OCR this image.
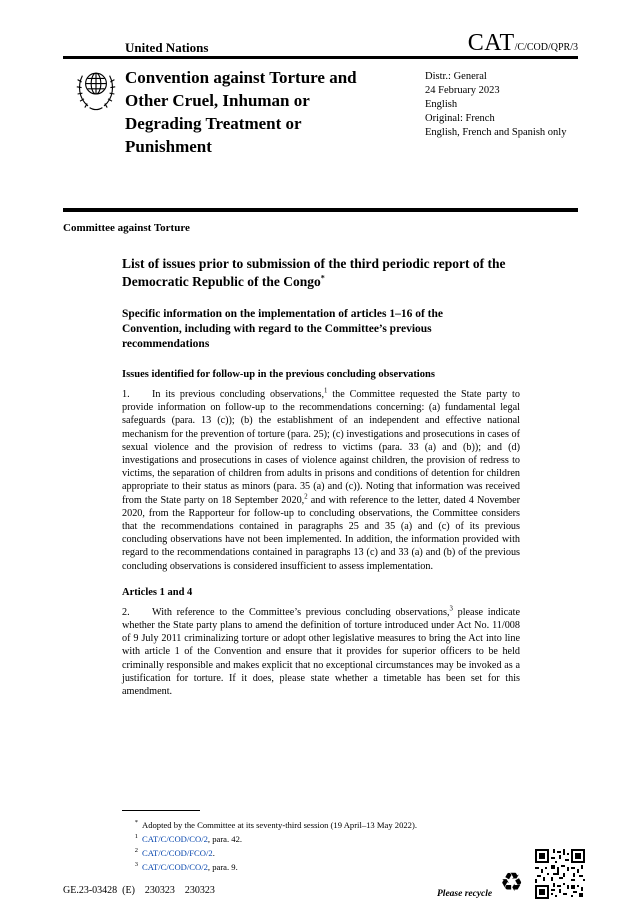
United Nations	CAT/C/COD/QPR/3
Convention against Torture and Other Cruel, Inhuman or Degrading Treatment or Punishment
Distr.: General
24 February 2023
English
Original: French
English, French and Spanish only
Committee against Torture
List of issues prior to submission of the third periodic report of the Democratic Republic of the Congo*
Specific information on the implementation of articles 1–16 of the Convention, including with regard to the Committee’s previous recommendations
Issues identified for follow-up in the previous concluding observations

1. In its previous concluding observations,$^1$ the Committee requested the State party to provide information on follow-up to the recommendations concerning: (a) fundamental legal safeguards (para. 13 (c)); (b) the establishment of an independent and effective national mechanism for the prevention of torture (para. 25); (c) investigations and prosecutions in cases of sexual violence and the provision of redress to victims (para. 33 (a) and (b)); and (d) investigations and prosecutions in cases of violence against children, the provision of redress to victims, the separation of children from adults in prisons and conditions of detention for children appropriate to their status as minors (para. 35 (a) and (c)). Noting that information was received from the State party on 18 September 2020,$^2$ and with reference to the letter, dated 4 November 2020, from the Rapporteur for follow-up to concluding observations, the Committee considers that the recommendations contained in paragraphs 25 and 35 (a) and (c) of its previous concluding observations have not been implemented. In addition, the information provided with regard to the recommendations contained in paragraphs 13 (c) and 33 (a) and (b) of the previous concluding observations is considered insufficient to assess implementation.

Articles 1 and 4

2. With reference to the Committee’s previous concluding observations,$^3$ please indicate whether the State party plans to amend the definition of torture introduced under Act No. 11/008 of 9 July 2011 criminalizing torture or adopt other legislative measures to bring the Act into line with article 1 of the Convention and ensure that it provides for superior officers to be held criminally responsible and makes explicit that no exceptional circumstances may be invoked as a justification for torture. If it does, please state whether a timetable has been set for this amendment.

* Adopted by the Committee at its seventy-third session (19 April–13 May 2022).
1 CAT/C/COD/CO/2, para. 42.
2 CAT/C/COD/FCO/2.
3 CAT/C/COD/CO/2, para. 9.
GE.23-03428  (E)    230323    230323	Please recycle ♻
